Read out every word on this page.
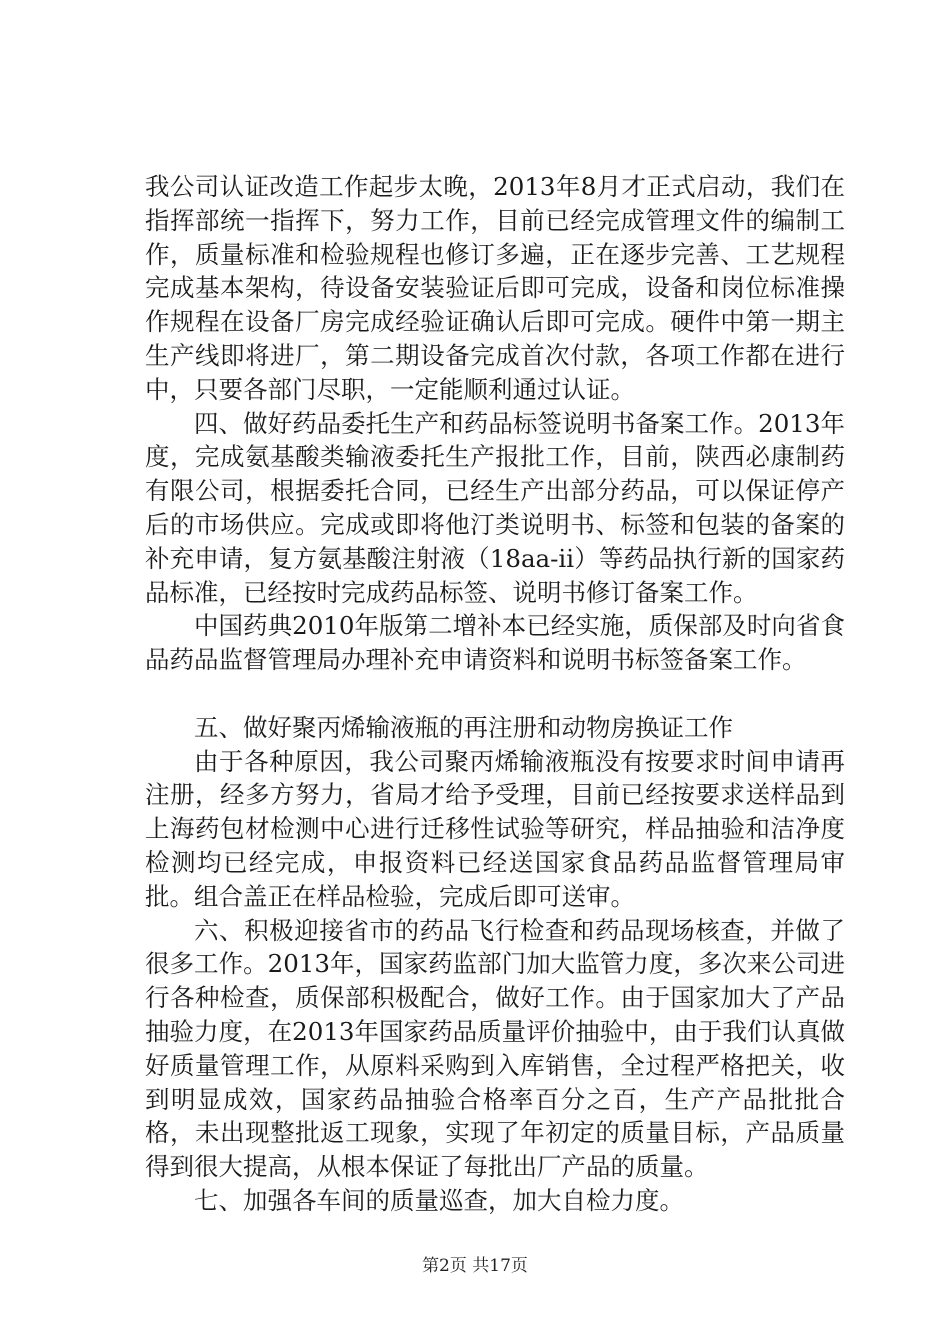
我公司认证改造工作起步太晚，2013年8月才正式启动，我们在指挥部统一指挥下，努力工作，目前已经完成管理文件的编制工作，质量标准和检验规程也修订多遍，正在逐步完善、工艺规程完成基本架构，待设备安装验证后即可完成，设备和岗位标准操作规程在设备厂房完成经验证确认后即可完成。硬件中第一期主生产线即将进厂，第二期设备完成首次付款，各项工作都在进行中，只要各部门尽职，一定能顺利通过认证。

四、做好药品委托生产和药品标签说明书备案工作。2013年度，完成氨基酸类输液委托生产报批工作，目前，陕西必康制药有限公司，根据委托合同，已经生产出部分药品，可以保证停产后的市场供应。完成或即将他汀类说明书、标签和包装的备案的补充申请，复方氨基酸注射液（18aa-ii）等药品执行新的国家药品标准，已经按时完成药品标签、说明书修订备案工作。

中国药典2010年版第二增补本已经实施，质保部及时向省食品药品监督管理局办理补充申请资料和说明书标签备案工作。

五、做好聚丙烯输液瓶的再注册和动物房换证工作

由于各种原因，我公司聚丙烯输液瓶没有按要求时间申请再注册，经多方努力，省局才给予受理，目前已经按要求送样品到上海药包材检测中心进行迁移性试验等研究，样品抽验和洁净度检测均已经完成，申报资料已经送国家食品药品监督管理局审批。组合盖正在样品检验，完成后即可送审。

六、积极迎接省市的药品飞行检查和药品现场核查，并做了很多工作。2013年，国家药监部门加大监管力度，多次来公司进行各种检查，质保部积极配合，做好工作。由于国家加大了产品抽验力度，在2013年国家药品质量评价抽验中，由于我们认真做好质量管理工作，从原料采购到入库销售，全过程严格把关，收到明显成效，国家药品抽验合格率百分之百，生产产品批批合格，未出现整批返工现象，实现了年初定的质量目标，产品质量得到很大提高，从根本保证了每批出厂产品的质量。

七、加强各车间的质量巡查，加大自检力度。

第2页 共17页
